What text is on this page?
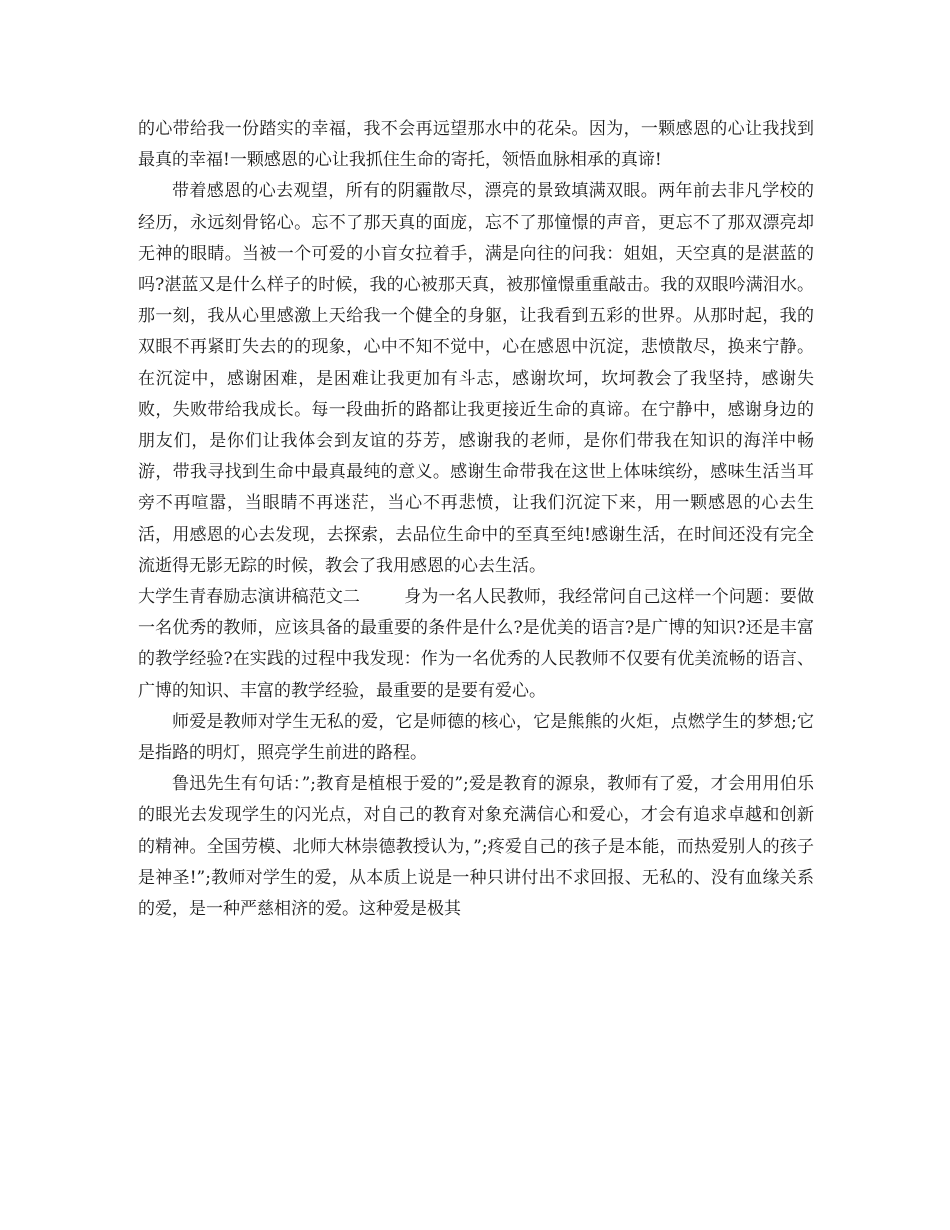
的心带给我一份踏实的幸福，我不会再远望那水中的花朵。因为，一颗感恩的心让我找到最真的幸福!一颗感恩的心让我抓住生命的寄托，领悟血脉相承的真谛!

带着感恩的心去观望，所有的阴霾散尽，漂亮的景致填满双眼。两年前去非凡学校的经历，永远刻骨铭心。忘不了那天真的面庞，忘不了那憧憬的声音，更忘不了那双漂亮却无神的眼睛。当被一个可爱的小盲女拉着手，满是向往的问我：姐姐，天空真的是湛蓝的吗?湛蓝又是什么样子的时候，我的心被那天真，被那憧憬重重敲击。我的双眼吟满泪水。那一刻，我从心里感激上天给我一个健全的身躯，让我看到五彩的世界。从那时起，我的双眼不再紧盯失去的的现象，心中不知不觉中，心在感恩中沉淀，悲愤散尽，换来宁静。在沉淀中，感谢困难，是困难让我更加有斗志，感谢坎坷，坎坷教会了我坚持，感谢失败，失败带给我成长。每一段曲折的路都让我更接近生命的真谛。在宁静中，感谢身边的朋友们，是你们让我体会到友谊的芬芳，感谢我的老师，是你们带我在知识的海洋中畅游，带我寻找到生命中最真最纯的意义。感谢生命带我在这世上体味缤纷，感味生活当耳旁不再喧嚣，当眼睛不再迷茫，当心不再悲愤，让我们沉淀下来，用一颗感恩的心去生活，用感恩的心去发现，去探索，去品位生命中的至真至纯!感谢生活，在时间还没有完全流逝得无影无踪的时候，教会了我用感恩的心去生活。

大学生青春励志演讲稿范文二	身为一名人民教师，我经常问自己这样一个问题：要做一名优秀的教师，应该具备的最重要的条件是什么?是优美的语言?是广博的知识?还是丰富的教学经验?在实践的过程中我发现：作为一名优秀的人民教师不仅要有优美流畅的语言、广博的知识、丰富的教学经验，最重要的是要有爱心。

师爱是教师对学生无私的爱，它是师德的核心，它是熊熊的火炬，点燃学生的梦想;它是指路的明灯，照亮学生前进的路程。

鲁迅先生有句话：”;教育是植根于爱的”;爱是教育的源泉，教师有了爱，才会用用伯乐的眼光去发现学生的闪光点，对自己的教育对象充满信心和爱心，才会有追求卓越和创新的精神。全国劳模、北师大林崇德教授认为，”;疼爱自己的孩子是本能，而热爱别人的孩子是神圣!”;教师对学生的爱，从本质上说是一种只讲付出不求回报、无私的、没有血缘关系的爱，是一种严慈相济的爱。这种爱是极其
